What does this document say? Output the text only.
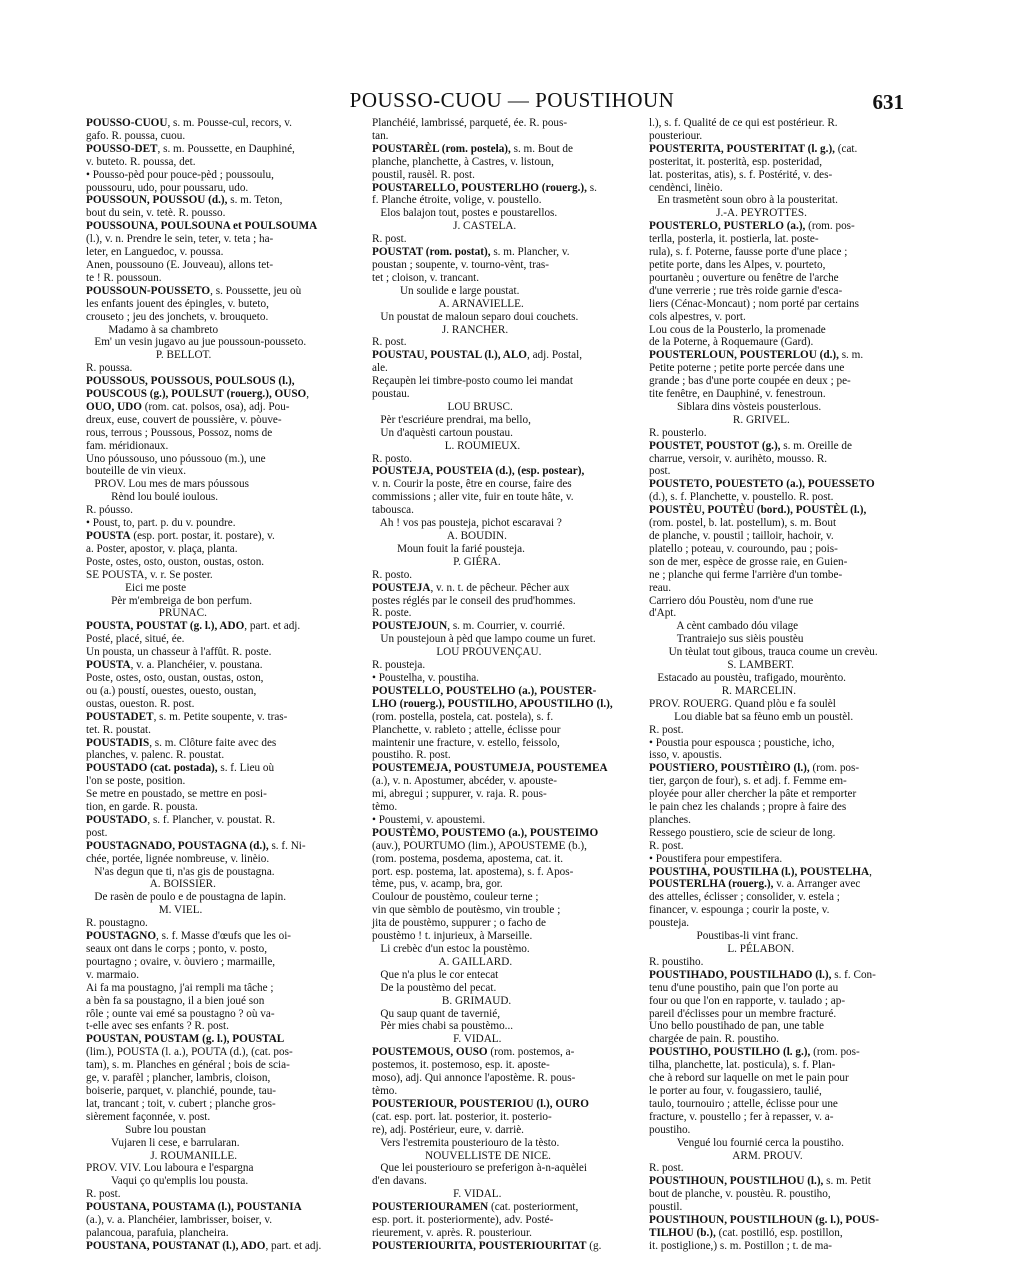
POUSSO-CUOU — POUSTIHOUN	631
POUSSO-CUOU, s. m. Pousse-cul, recors, v.
gafo. R. poussa, cuou.
POUSSO-DET, s. m. Poussette, en Dauphiné,
v. buteto. R. poussa, det.
• Pousso-pèd pour pouce-pèd ; poussoulu,
poussouru, udo, pour poussaru, udo.
POUSSOUN, POUSSOU (d.), s. m. Teton,
bout du sein, v. tetè. R. pousso.
POUSSOUNA, POULSOUNA et POULSOUMA
(l.), v. n. Prendre le sein, teter, v. teta ; ha-
leter, en Languedoc, v. poussa.
Anen, poussouno (E. Jouveau), allons tet-
te ! R. poussoun.
POUSSOUN-POUSSETO, s. Poussette, jeu où
les enfants jouent des épingles, v. buteto,
crouseto ; jeu des jonchets, v. brouqueto.
Madamo à sa chambreto
Em' un vesin jugavo au jue poussoun-pousseto.
P. BELLOT.
R. poussa.
POUSSOUS, POUSSOUS, POULSOUS (l.),
POUSCOUS (g.), POULSUT (rouerg.), OUSO,
OUO, UDO (rom. cat. polsos, osa), adj. Pou-
dreux, euse, couvert de poussière, v. pòuve-
rous, terrous ; Poussous, Possoz, noms de
fam. méridionaux.
Uno póussouso, uno póussouo (m.), une
bouteille de vin vieux.
PROV. Lou mes de mars póussous
Rènd lou boulé ioulous.
R. póusso.
• Poust, to, part. p. du v. poundre.
POUSTA (esp. port. postar, it. postare), v.
a. Poster, apostor, v. plaça, planta.
Poste, ostes, osto, ouston, oustas, oston.
SE POUSTA, v. r. Se poster.
Eici me poste
Pèr m'embreiga de bon perfum.
PRUNAC.
POUSTA, POUSTAT (g. l.), ADO, part. et adj.
Posté, placé, situé, ée.
Un pousta, un chasseur à l'affût. R. poste.
POUSTA, v. a. Planchéier, v. poustana.
Poste, ostes, osto, oustan, oustas, oston,
ou (a.) poustí, ouestes, ouesto, oustan,
oustas, oueston. R. post.
POUSTADET, s. m. Petite soupente, v. tras-
tet. R. poustat.
POUSTADIS, s. m. Clôture faite avec des
planches, v. palenc. R. poustat.
POUSTADO (cat. postada), s. f. Lieu où
l'on se poste, position.
Se metre en poustado, se mettre en posi-
tion, en garde. R. pousta.
POUSTADO, s. f. Plancher, v. poustat. R.
post.
POUSTAGNADO, POUSTAGNA (d.), s. f. Ni-
chée, portée, lignée nombreuse, v. linèio.
N'as degun que ti, n'as gis de poustagna.
A. BOISSIER.
De rasèn de poulo e de poustagna de lapin.
M. VIEL.
R. poustagno.
POUSTAGNO, s. f. Masse d'œufs que les oi-
seaux ont dans le corps ; ponto, v. posto,
pourtagno ; ovaire, v. òuviero ; marmaille,
v. marmaio.
Ai fa ma poustagno, j'ai rempli ma tâche ;
a bèn fa sa poustagno, il a bien joué son
rôle ; ounte vai emé sa poustagno ? où va-
t-elle avec ses enfants ? R. post.
POUSTAN, POUSTAM (g. l.), POUSTAL
(lim.), POUSTA (l. a.), POUTA (d.), (cat. pos-
tam), s. m. Planches en général ; bois de scia-
ge, v. parafèl ; plancher, lambris, cloison,
boiserie, parquet, v. planchié, pounde, tau-
lat, trancant ; toit, v. cubert ; planche gros-
sièrement façonnée, v. post.
Subre lou poustan
Vujaren li cese, e barrularan.
J. ROUMANILLE.
PROV. VIV. Lou laboura e l'espargna
Vaqui ço qu'emplis lou pousta.
R. post.
POUSTANA, POUSTAMA (l.), POUSTANIA
(a.), v. a. Planchéier, lambrisser, boiser, v.
palancoua, parafuia, plancheira.
POUSTANA, POUSTANAT (l.), ADO, part. et adj.
Planchéié, lambrissé, parqueté, ée. R. pous-
tan.
POUSTARÈL (rom. postela), s. m. Bout de
planche, planchette, à Castres, v. listoun,
poustil, rausèl. R. post.
POUSTARELLO, POUSTERLHO (rouerg.), s.
f. Planche étroite, volige, v. poustello.
Elos balajon tout, postes e poustarellos.
J. CASTELA.
R. post.
POUSTAT (rom. postat), s. m. Plancher, v.
poustan ; soupente, v. tourno-vènt, tras-
tet ; cloison, v. trancant.
Un soulide e large poustat.
A. ARNAVIELLE.
Un poustat de maloun separo doui couchets.
J. RANCHER.
R. post.
POUSTAU, POUSTAL (l.), ALO, adj. Postal,
ale.
Reçaupèn lei timbre-posto coumo lei mandat
poustau.
LOU BRUSC.
Pèr t'escriéure prendrai, ma bello,
Un d'aquèsti cartoun poustau.
L. ROUMIEUX.
R. posto.
POUSTEJA, POUSTEIA (d.), (esp. postear),
v. n. Courir la poste, être en course, faire des
commissions ; aller vite, fuir en toute hâte, v.
tabousca.
Ah ! vos pas pousteja, pichot escaravai ?
A. BOUDIN.
Moun fouit la farié pousteja.
P. GIÉRA.
R. posto.
POUSTEJA, v. n. t. de pêcheur. Pêcher aux
postes réglés par le conseil des prud'hommes.
R. poste.
POUSTEJOUN, s. m. Courrier, v. courrié.
Un poustejoun à pèd que lampo coume un furet.
LOU PROUVENÇAU.
R. pousteja.
• Poustelha, v. poustiha.
POUSTELLO, POUSTELHO (a.), POUSTER-
LHO (rouerg.), POUSTILHO, APOUSTILHO (l.),
(rom. postella, postela, cat. postela), s. f.
Planchette, v. rableto ; attelle, éclisse pour
maintenir une fracture, v. estello, feissolo,
poustiho. R. post.
POUSTEMEJA, POUSTUMEJA, POUSTEMEA
(a.), v. n. Apostumer, abcéder, v. apouste-
mi, abregui ; suppurer, v. raja. R. pous-
tèmo.
• Poustemi, v. apoustemi.
POUSTÈMO, POUSTEMO (a.), POUSTEIMO
(auv.), POURTUMO (lim.), APOUSTEME (b.),
(rom. postema, posdema, apostema, cat. it.
port. esp. postema, lat. apostema), s. f. Apos-
tème, pus, v. acamp, bra, gor.
Coulour de poustèmo, couleur terne ;
vin que sèmblo de poutèsmo, vin trouble ;
jita de poustèmo, suppurer ; o facho de
poustèmo ! t. injurieux, à Marseille.
Li crebèc d'un estoc la poustèmo.
A. GAILLARD.
Que n'a plus le cor entecat
De la poustèmo del pecat.
B. GRIMAUD.
Qu saup quant de tavernié,
Pèr mies chabi sa poustèmo...
F. VIDAL.
POUSTEMOUS, OUSO (rom. postemos, a-
postemos, it. postemoso, esp. it. aposte-
moso), adj. Qui annonce l'apostème. R. pous-
tèmo.
POUSTERIOUR, POUSTERIOU (l.), OURO
(cat. esp. port. lat. posterior, it. posterio-
re), adj. Postérieur, eure, v. darriè.
Vers l'estremita pousteriouro de la tèsto.
NOUVELLISTE DE NICE.
Que lei pousteriouro se preferigon à-n-aquèlei
d'en davans.
F. VIDAL.
POUSTERIOURAMEN (cat. posteriorment,
esp. port. it. posteriormente), adv. Posté-
rieurement, v. après. R. pousteriour.
POUSTERIOURITA, POUSTERIOURITAT (g.
l.), s. f. Qualité de ce qui est postérieur. R.
pousteriour.
POUSTERITA, POUSTERITAT (l. g.), (cat.
posteritat, it. posterità, esp. posteridad,
lat. posteritas, atis), s. f. Postérité, v. des-
cendènci, linèio.
En trasmetènt soun obro à la pousteritat.
J.-A. PEYROTTES.
POUSTERLO, PUSTERLO (a.), (rom. pos-
terlla, posterla, it. postierla, lat. poste-
rula), s. f. Poterne, fausse porte d'une place ;
petite porte, dans les Alpes, v. pourteto,
pourtanèu ; ouverture ou fenêtre de l'arche
d'une verrerie ; rue très roide garnie d'esca-
liers (Cénac-Moncaut) ; nom porté par certains
cols alpestres, v. port.
Lou cous de la Pousterlo, la promenade
de la Poterne, à Roquemaure (Gard).
POUSTERLOUN, POUSTERLOU (d.), s. m.
Petite poterne ; petite porte percée dans une
grande ; bas d'une porte coupée en deux ; pe-
tite fenêtre, en Dauphiné, v. fenestroun.
Siblara dins vòsteis pousterlous.
R. GRIVEL.
R. pousterlo.
POUSTET, POUSTOT (g.), s. m. Oreille de
charrue, versoir, v. aurihèto, mousso. R.
post.
POUSTETO, POUESTETO (a.), POUESSETO
(d.), s. f. Planchette, v. poustello. R. post.
POUSTÈU, POUTÈU (bord.), POUSTÈL (l.),
(rom. postel, b. lat. postellum), s. m. Bout
de planche, v. poustil ; tailloir, hachoir, v.
platello ; poteau, v. couroundo, pau ; pois-
son de mer, espèce de grosse raie, en Guien-
ne ; planche qui ferme l'arrière d'un tombe-
reau.
Carriero dóu Poustèu, nom d'une rue
d'Apt.
A cènt cambado dóu vilage
Trantraiejo sus sièis poustèu
Un tèulat tout gibous, trauca coume un crevèu.
S. LAMBERT.
Estacado au poustèu, trafigado, mourènto.
R. MARCELIN.
PROV. ROUERG. Quand plòu e fa soulèl
Lou diable bat sa fèuno emb un poustèl.
R. post.
• Poustia pour espousca ; poustiche, icho,
isso, v. apoustis.
POUSTIERO, POUSTIÈIRO (l.), (rom. pos-
tier, garçon de four), s. et adj. f. Femme em-
ployée pour aller chercher la pâte et remporter
le pain chez les chalands ; propre à faire des
planches.
Ressego poustiero, scie de scieur de long.
R. post.
• Poustifera pour empestifera.
POUSTIHA, POUSTILHA (l.), POUSTELHA,
POUSTERLHA (rouerg.), v. a. Arranger avec
des attelles, éclisser ; consolider, v. estela ;
financer, v. espounga ; courir la poste, v.
pousteja.
Poustibas-li vint franc.
L. PÉLABON.
R. poustiho.
POUSTIHADO, POUSTILHADO (l.), s. f. Con-
tenu d'une poustiho, pain que l'on porte au
four ou que l'on en rapporte, v. taulado ; ap-
pareil d'éclisses pour un membre fracturé.
Uno bello poustihado de pan, une table
chargée de pain. R. poustiho.
POUSTIHO, POUSTILHO (l. g.), (rom. pos-
tilha, planchette, lat. posticula), s. f. Plan-
che à rebord sur laquelle on met le pain pour
le porter au four, v. fougassiero, taulié,
taulo, tournouiro ; attelle, éclisse pour une
fracture, v. poustello ; fer à repasser, v. a-
poustiho.
Vengué lou fournié cerca la poustiho.
ARM. PROUV.
R. post.
POUSTIHOUN, POUSTILHOU (l.), s. m. Petit
bout de planche, v. poustèu. R. poustiho,
poustil.
POUSTIHOUN, POUSTILHOUN (g. l.), POUS-
TILHOU (b.), (cat. postilló, esp. postillon,
it. postiglione,) s. m. Postillon ; t. de ma-
